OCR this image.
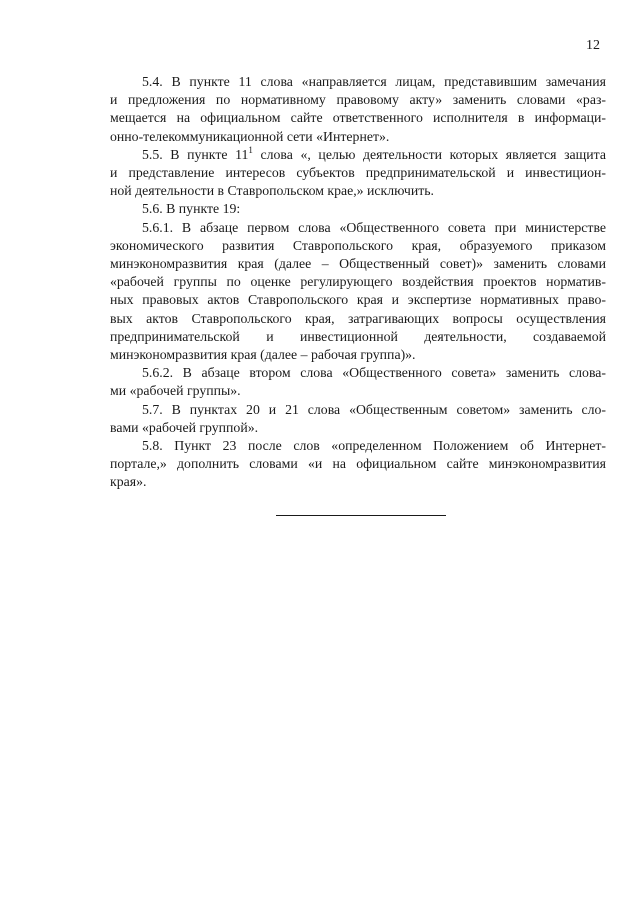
12

5.4. В пункте 11 слова «направляется лицам, представившим замечания
и предложения по нормативному правовому акту» заменить словами «раз-
мещается на официальном сайте ответственного исполнителя в информаци-
онно-телекоммуникационной сети «Интернет».

5.5. В пункте $11^1$ слова «, целью деятельности которых является защита
и представление интересов субъектов предпринимательской и инвестицион-
ной деятельности в Ставропольском крае,» исключить.

5.6. В пункте 19:

5.6.1. В абзаце первом слова «Общественного совета при министерстве
экономического развития Ставропольского края, образуемого приказом
минэкономразвития края (далее – Общественный совет)» заменить словами
«рабочей группы по оценке регулирующего воздействия проектов норматив-
ных правовых актов Ставропольского края и экспертизе нормативных право-
вых актов Ставропольского края, затрагивающих вопросы осуществления
предпринимательской и инвестиционной деятельности, создаваемой
минэкономразвития края (далее – рабочая группа)».

5.6.2. В абзаце втором слова «Общественного совета» заменить слова-
ми «рабочей группы».

5.7. В пунктах 20 и 21 слова «Общественным советом» заменить сло-
вами «рабочей группой».

5.8. Пункт 23 после слов «определенном Положением об Интернет-
портале,» дополнить словами «и на официальном сайте минэкономразвития
края».
